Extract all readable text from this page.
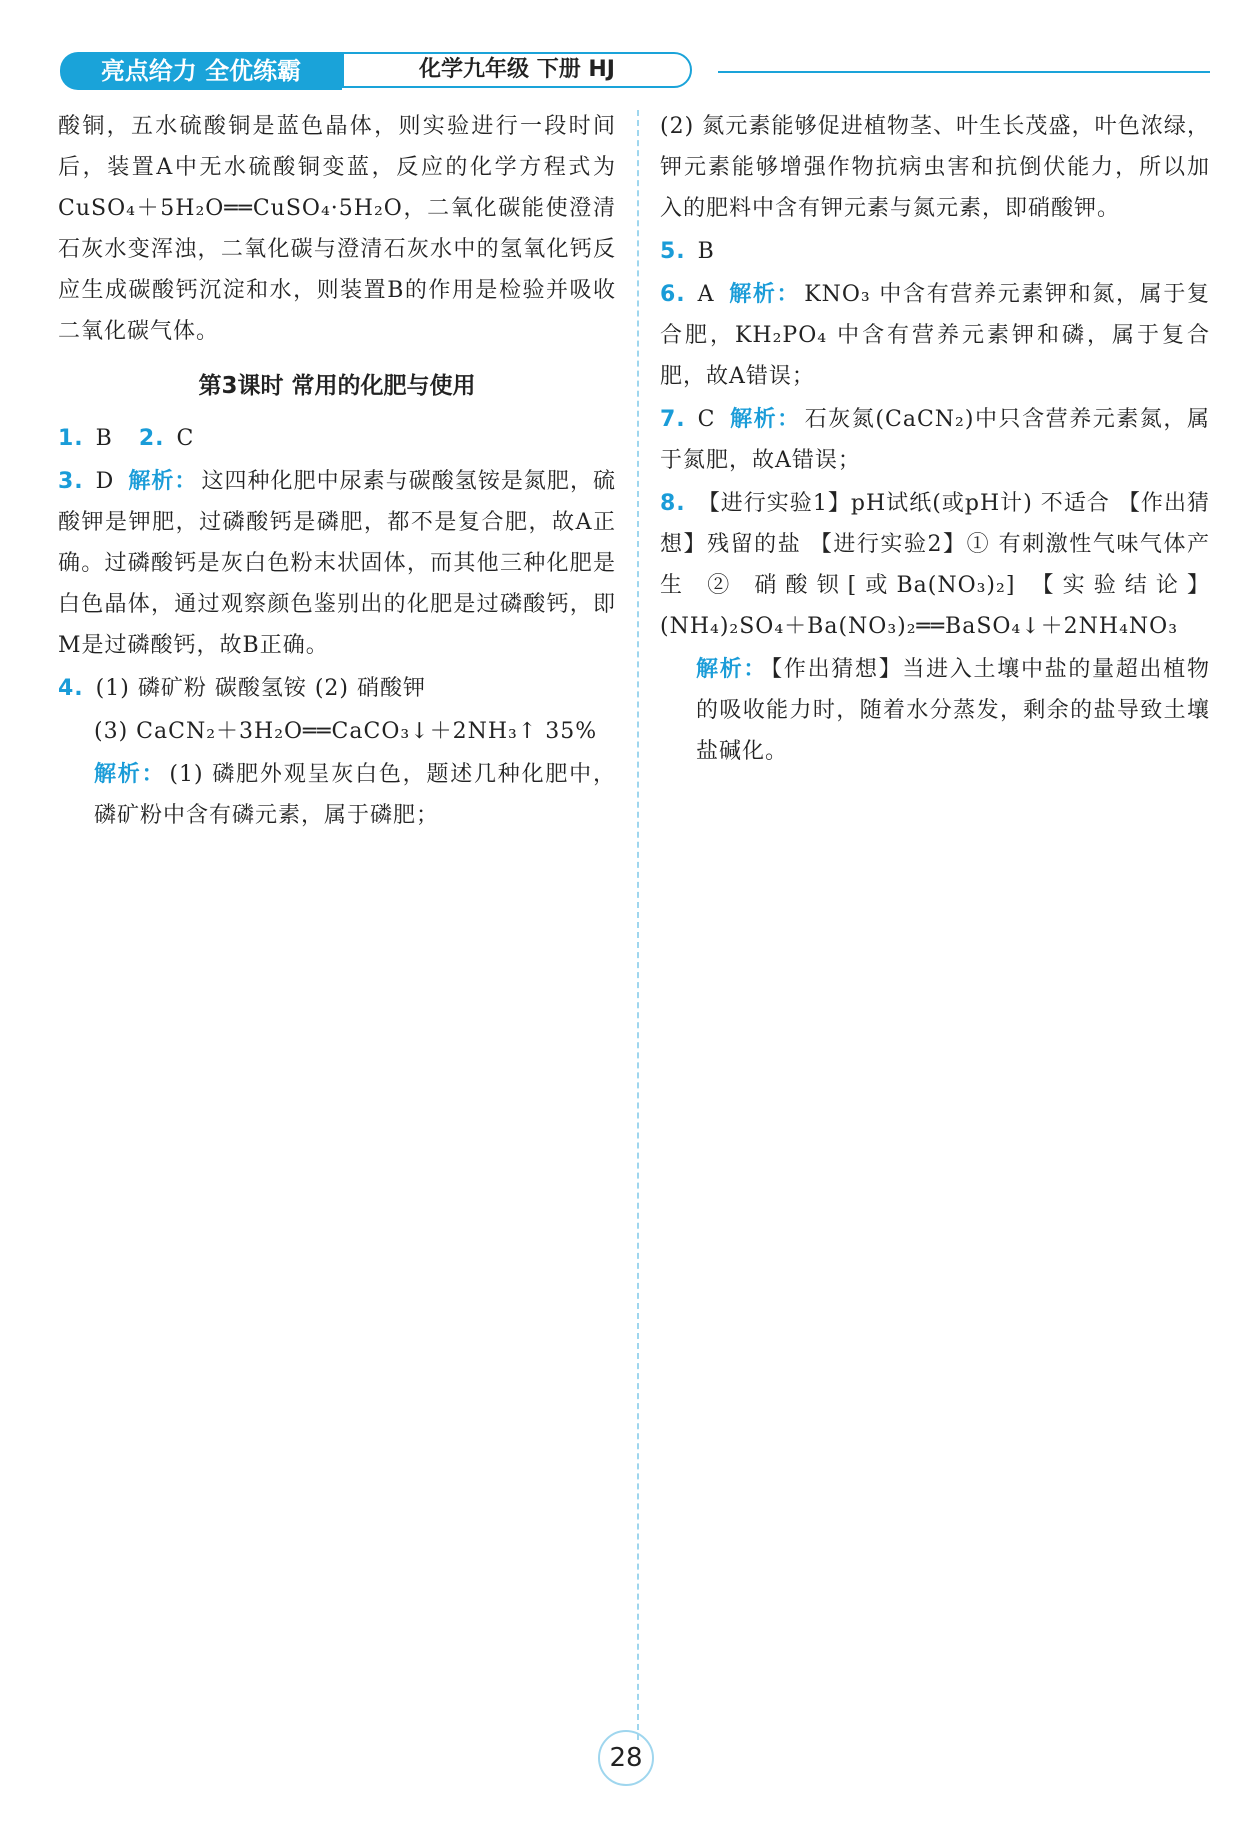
亮点给力 全优练霸	化学九年级 下册 HJ

酸铜，五水硫酸铜是蓝色晶体，则实验进行一段时间后，装置A中无水硫酸铜变蓝，反应的化学方程式为 CuSO₄＋5H₂O══CuSO₄·5H₂O，二氧化碳能使澄清石灰水变浑浊，二氧化碳与澄清石灰水中的氢氧化钙反应生成碳酸钙沉淀和水，则装置B的作用是检验并吸收二氧化碳气体。

第3课时 常用的化肥与使用

1. B 2. C

3. D 解析： 这四种化肥中尿素与碳酸氢铵是氮肥，硫酸钾是钾肥，过磷酸钙是磷肥，都不是复合肥，故A正确。过磷酸钙是灰白色粉末状固体，而其他三种化肥是白色晶体，通过观察颜色鉴别出的化肥是过磷酸钙，即M是过磷酸钙，故B正确。

4. (1) 磷矿粉 碳酸氢铵 (2) 硝酸钾

(3) CaCN₂＋3H₂O══CaCO₃↓＋2NH₃↑ 35%

解析： (1) 磷肥外观呈灰白色，题述几种化肥中，磷矿粉中含有磷元素，属于磷肥；

(2) 氮元素能够促进植物茎、叶生长茂盛，叶色浓绿，钾元素能够增强作物抗病虫害和抗倒伏能力，所以加入的肥料中含有钾元素与氮元素，即硝酸钾。

5. B

6. A 解析： KNO₃ 中含有营养元素钾和氮，属于复合肥，KH₂PO₄ 中含有营养元素钾和磷，属于复合肥，故A错误；

7. C 解析： 石灰氮(CaCN₂)中只含营养元素氮，属于氮肥，故A错误；

8. 【进行实验1】pH试纸(或pH计) 不适合 【作出猜想】残留的盐 【进行实验2】① 有刺激性气味气体产生 ② 硝酸钡[或Ba(NO₃)₂] 【实验结论】(NH₄)₂SO₄＋Ba(NO₃)₂══BaSO₄↓＋2NH₄NO₃

解析： 【作出猜想】当进入土壤中盐的量超出植物的吸收能力时，随着水分蒸发，剩余的盐导致土壤盐碱化。

28
